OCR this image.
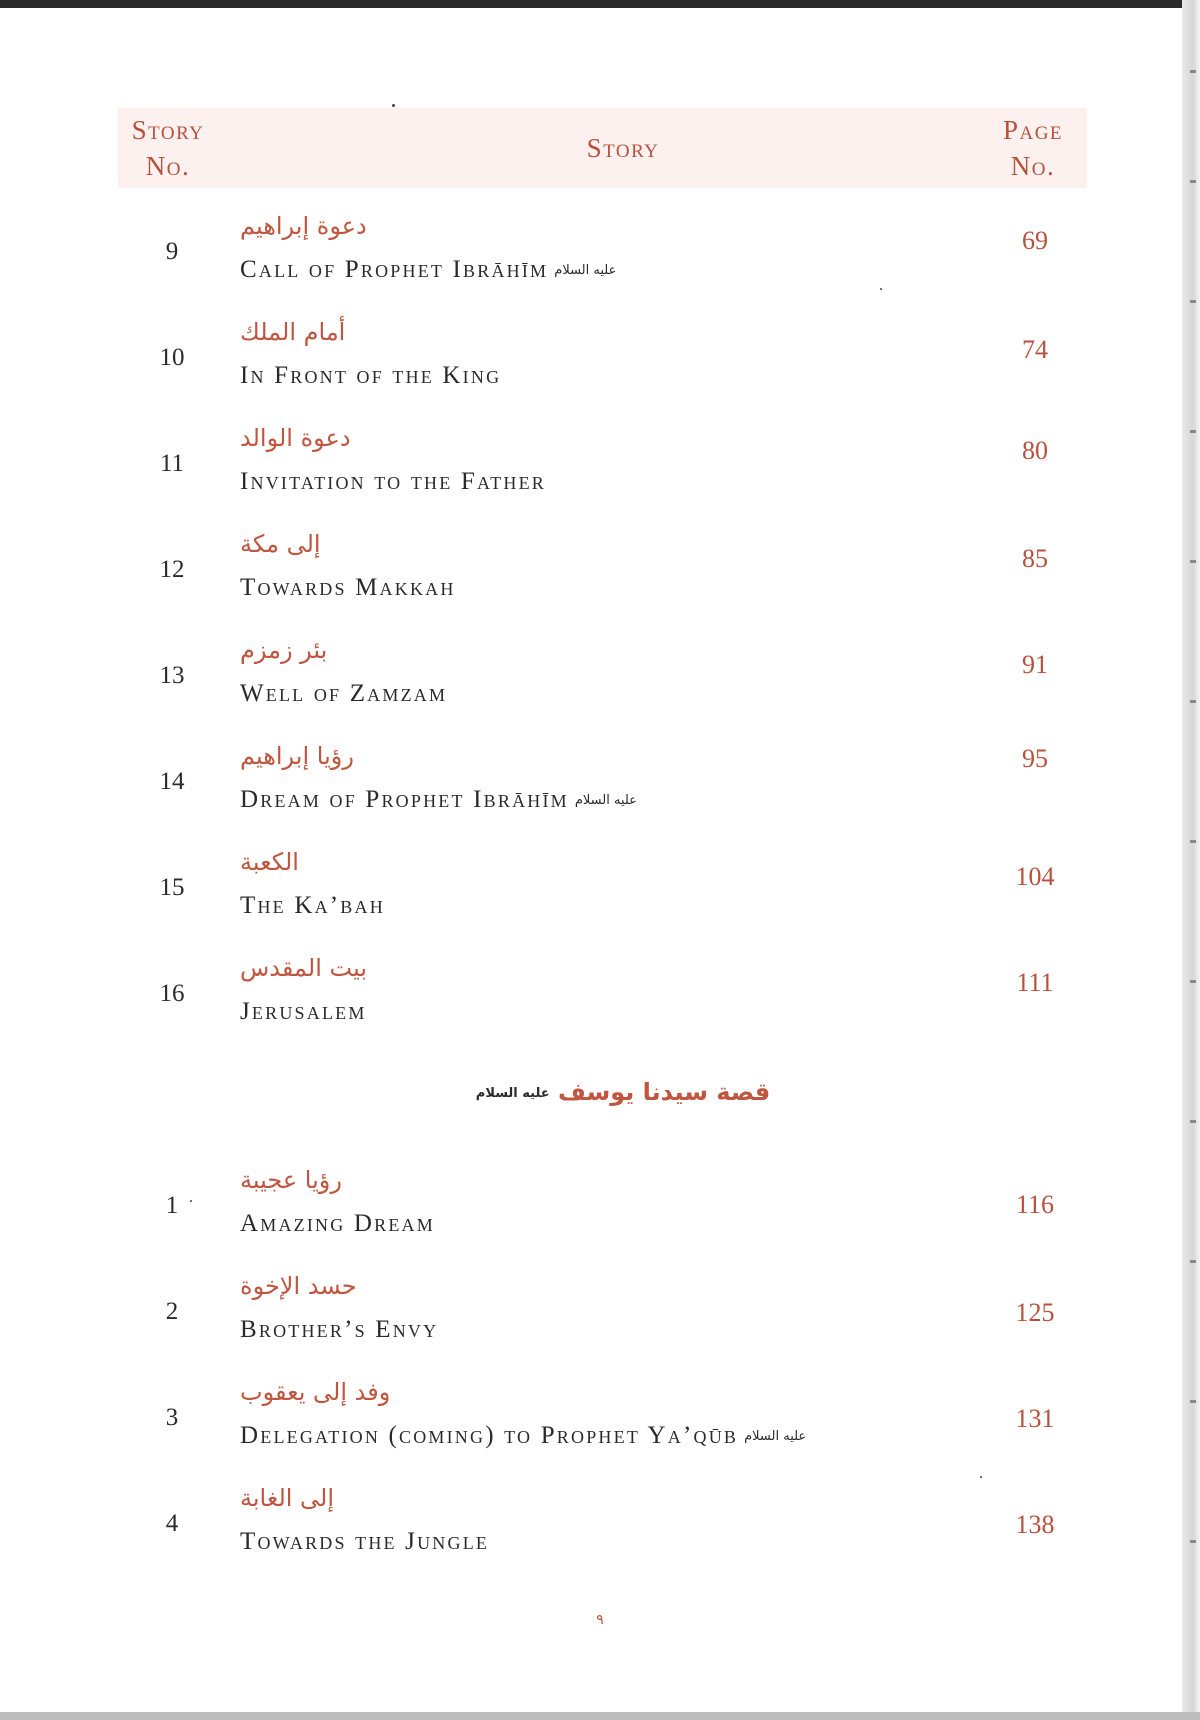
Story
No.
Story
Page
No.
9
دعوة إبراهيم
Call of Prophet Ibrāhīm عليه السلام
69
10
أمام الملك
In Front of the King
74
11
دعوة الوالد
Invitation to the Father
80
12
إلى مكة
Towards Makkah
85
13
بئر زمزم
Well of Zamzam
91
14
رؤيا إبراهيم
Dream of Prophet Ibrāhīm عليه السلام
95
15
الكعبة
The Ka’bah
104
16
بيت المقدس
Jerusalem
111
قصة سيدنا يوسف عليه السلام
1
رؤيا عجيبة
Amazing Dream
116
2
حسد الإخوة
Brother’s Envy
125
3
وفد إلى يعقوب
Delegation (coming) to Prophet Ya’qūb عليه السلام
131
4
إلى الغابة
Towards the Jungle
138
٩
